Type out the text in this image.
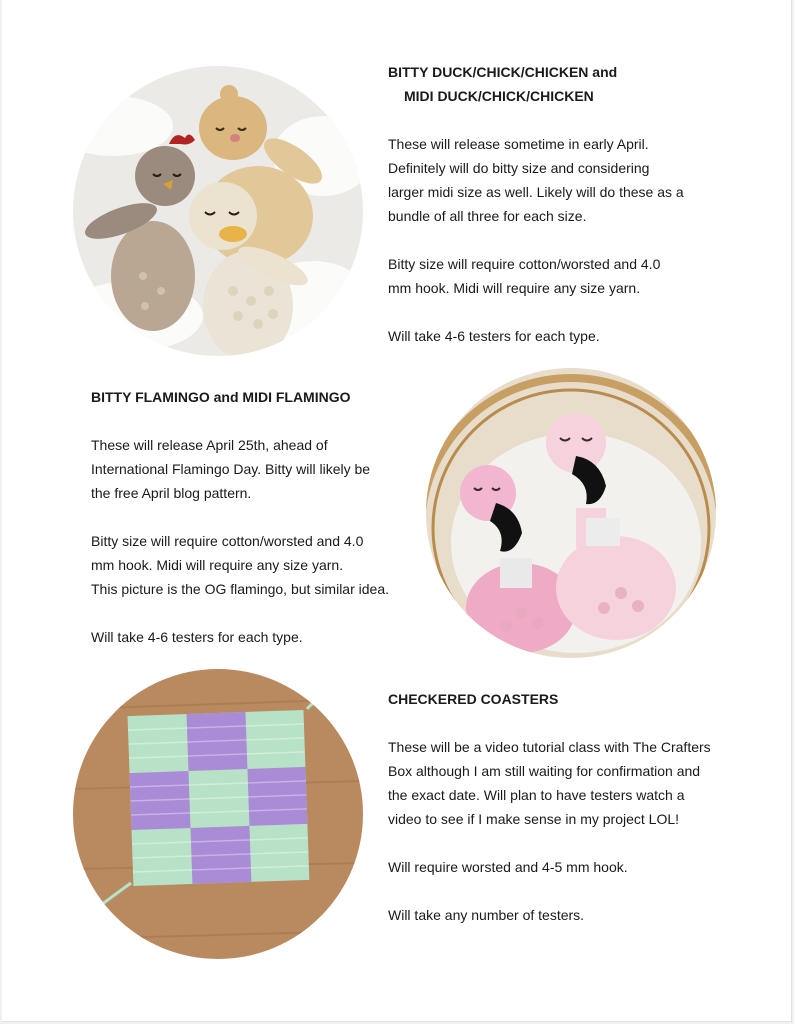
BITTY DUCK/CHICK/CHICKEN and
MIDI DUCK/CHICK/CHICKEN

These will release sometime in early April.
Definitely will do bitty size and considering
larger midi size as well. Likely will do these as a
bundle of all three for each size.

Bitty size will require cotton/worsted and 4.0
mm hook. Midi will require any size yarn.

Will take 4-6 testers for each type.

BITTY FLAMINGO and MIDI FLAMINGO

These will release April 25th, ahead of
International Flamingo Day. Bitty will likely be
the free April blog pattern.

Bitty size will require cotton/worsted and 4.0
mm hook. Midi will require any size yarn.
This picture is the OG flamingo, but similar idea.

Will take 4-6 testers for each type.

CHECKERED COASTERS

These will be a video tutorial class with The Crafters
Box although I am still waiting for confirmation and
the exact date. Will plan to have testers watch a
video to see if I make sense in my project LOL!

Will require worsted and 4-5 mm hook.

Will take any number of testers.
